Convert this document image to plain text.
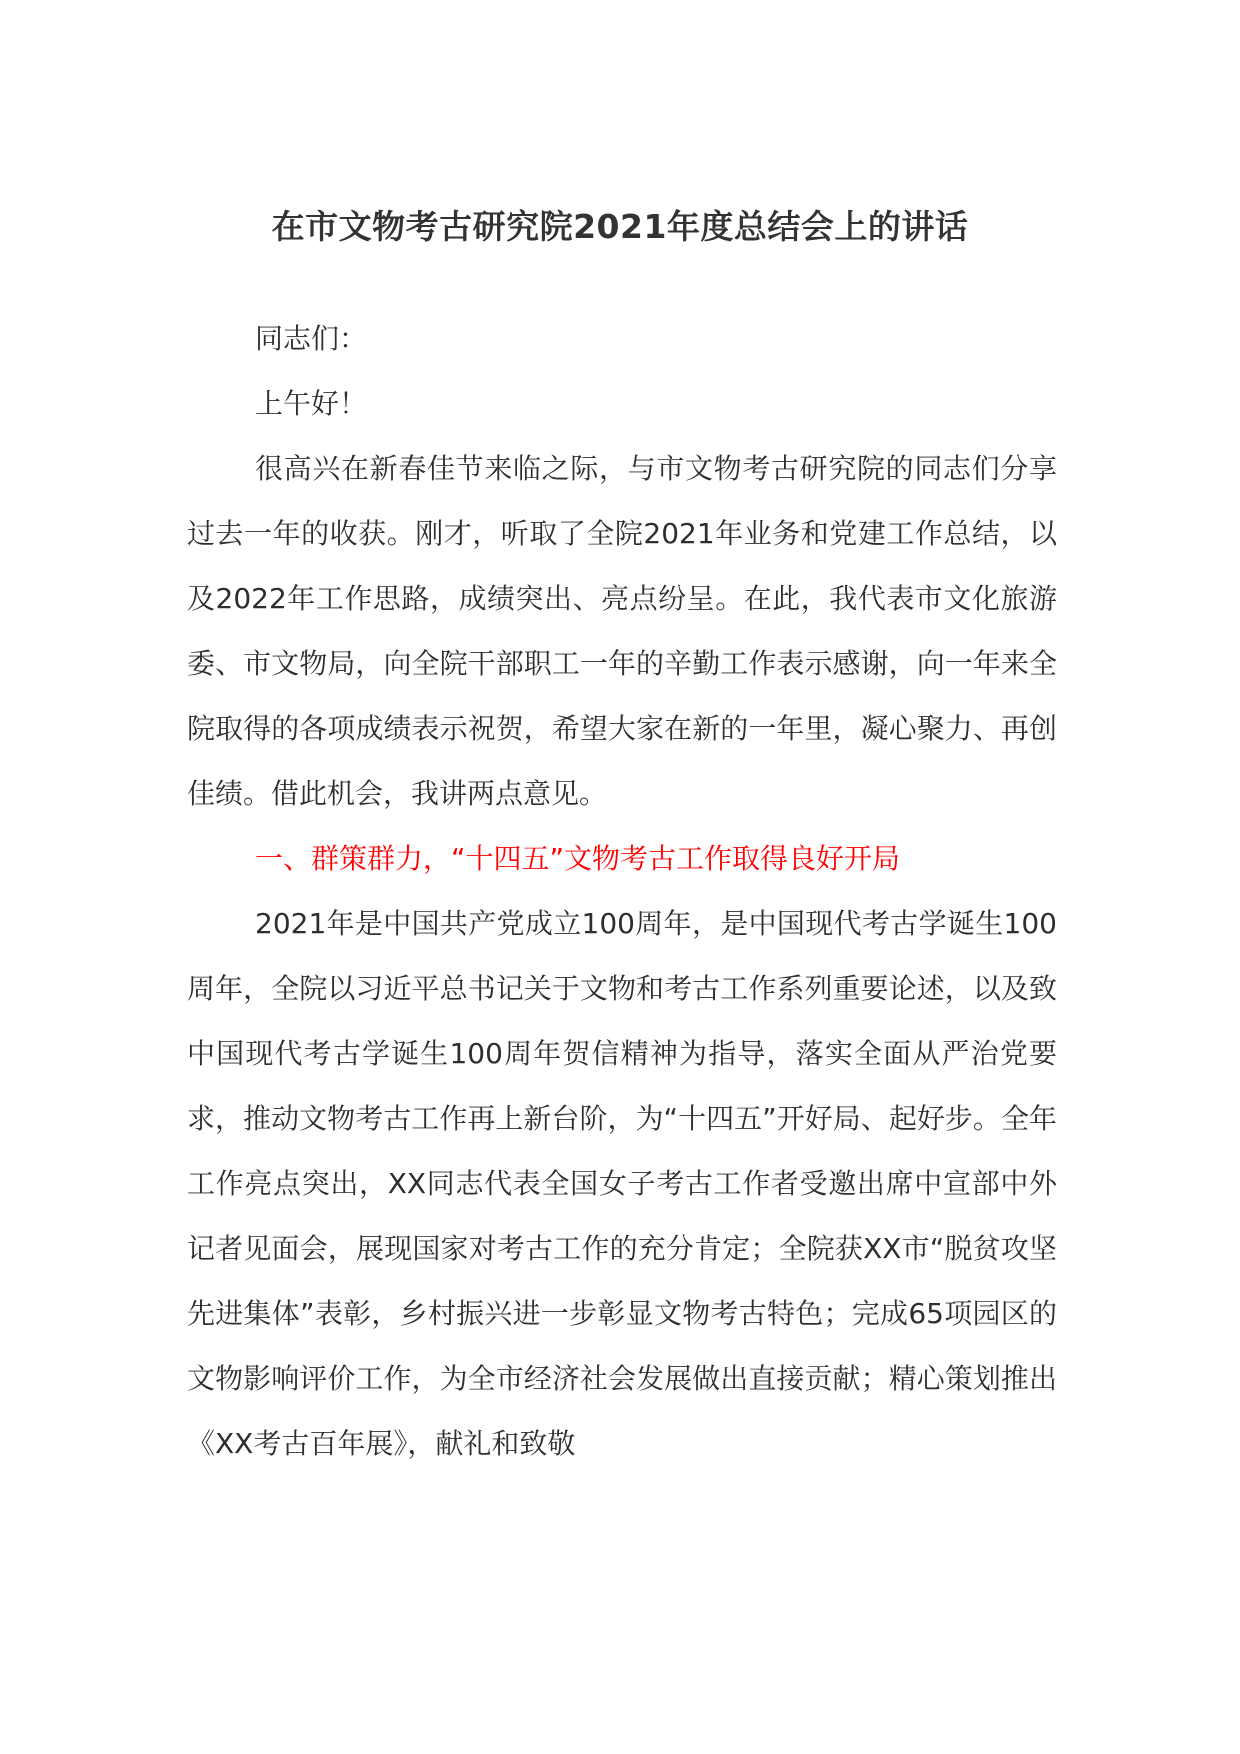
在市文物考古研究院2021年度总结会上的讲话

同志们：

上午好！

很高兴在新春佳节来临之际，与市文物考古研究院的同志们分享过去一年的收获。刚才，听取了全院2021年业务和党建工作总结，以及2022年工作思路，成绩突出、亮点纷呈。在此，我代表市文化旅游委、市文物局，向全院干部职工一年的辛勤工作表示感谢，向一年来全院取得的各项成绩表示祝贺，希望大家在新的一年里，凝心聚力、再创佳绩。借此机会，我讲两点意见。

一、群策群力，“十四五”文物考古工作取得良好开局

2021年是中国共产党成立100周年，是中国现代考古学诞生100周年，全院以习近平总书记关于文物和考古工作系列重要论述，以及致中国现代考古学诞生100周年贺信精神为指导，落实全面从严治党要求，推动文物考古工作再上新台阶，为“十四五”开好局、起好步。全年工作亮点突出，XX同志代表全国女子考古工作者受邀出席中宣部中外记者见面会，展现国家对考古工作的充分肯定；全院获XX市“脱贫攻坚先进集体”表彰，乡村振兴进一步彰显文物考古特色；完成65项园区的文物影响评价工作，为全市经济社会发展做出直接贡献；精心策划推出《XX考古百年展》，献礼和致敬
